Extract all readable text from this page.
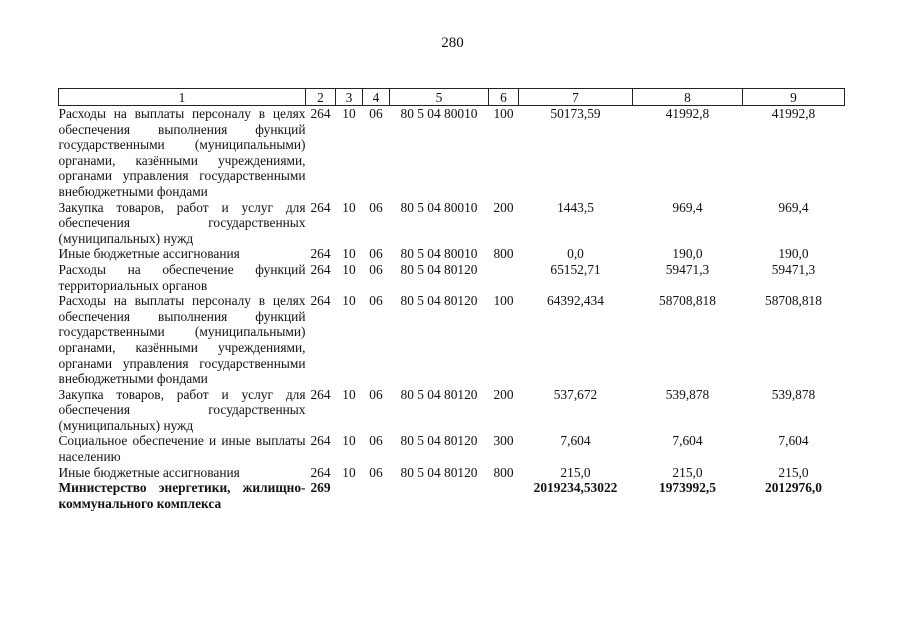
280
1	2	3	4	5	6	7	8	9
Расходы на выплаты персоналу в целях обеспечения выполнения функций государственными (муниципальными) органами, казёнными учреждениями, органами управления государственными внебюджетными фондами	264	10	06	80 5 04 80010	100	50173,59	41992,8	41992,8
Закупка товаров, работ и услуг для обеспечения государственных (муниципальных) нужд	264	10	06	80 5 04 80010	200	1443,5	969,4	969,4
Иные бюджетные ассигнования	264	10	06	80 5 04 80010	800	0,0	190,0	190,0
Расходы на обеспечение функций территориальных органов	264	10	06	80 5 04 80120		65152,71	59471,3	59471,3
Расходы на выплаты персоналу в целях обеспечения выполнения функций государственными (муниципальными) органами, казёнными учреждениями, органами управления государственными внебюджетными фондами	264	10	06	80 5 04 80120	100	64392,434	58708,818	58708,818
Закупка товаров, работ и услуг для обеспечения государственных (муниципальных) нужд	264	10	06	80 5 04 80120	200	537,672	539,878	539,878
Социальное обеспечение и иные выплаты населению	264	10	06	80 5 04 80120	300	7,604	7,604	7,604
Иные бюджетные ассигнования	264	10	06	80 5 04 80120	800	215,0	215,0	215,0
Министерство энергетики, жилищно-коммунального комплекса	269					2019234,53022	1973992,5	2012976,0
